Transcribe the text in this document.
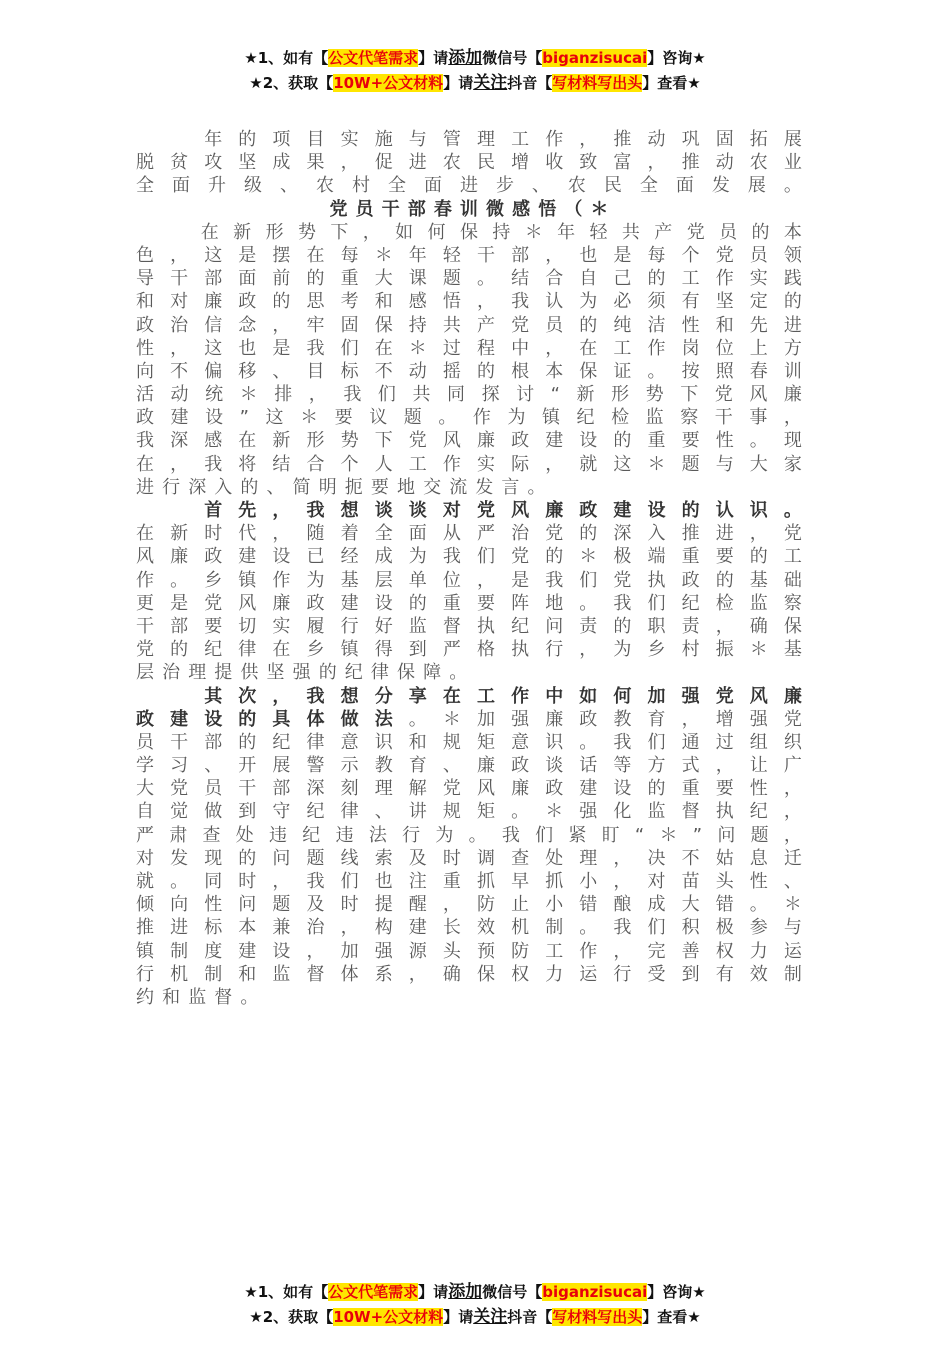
★1、如有【公文代笔需求】请添加微信号【biganzisucai】咨询★
★2、获取【10W+公文材料】请关注抖音【写材料写出头】查看★
　　年的项目实施与管理工作，推动巩固拓展
脱贫攻坚成果，促进农民增收致富，推动农业
全面升级、农村全面进步、农民全面发展。
党员干部春训微感悟（＊
　　在新形势下，如何保持＊年轻共产党员的本
色，这是摆在每＊年轻干部，也是每个党员领
导干部面前的重大课题。结合自己的工作实践
和对廉政的思考和感悟，我认为必须有坚定的
政治信念，牢固保持共产党员的纯洁性和先进
性，这也是我们在＊过程中，在工作岗位上方
向不偏移、目标不动摇的根本保证。按照春训
活动统＊排，我们共同探讨“新形势下党风廉
政建设”这＊要议题。作为镇纪检监察干事，
我深感在新形势下党风廉政建设的重要性。现
在，我将结合个人工作实际，就这＊题与大家
进行深入的、简明扼要地交流发言。
　　首先，我想谈谈对党风廉政建设的认识。
在新时代，随着全面从严治党的深入推进，党
风廉政建设已经成为我们党的＊极端重要的工
作。乡镇作为基层单位，是我们党执政的基础
更是党风廉政建设的重要阵地。我们纪检监察
干部要切实履行好监督执纪问责的职责，确保
党的纪律在乡镇得到严格执行，为乡村振＊基
层治理提供坚强的纪律保障。
　　其次，我想分享在工作中如何加强党风廉
政建设的具体做法。＊加强廉政教育，增强党
员干部的纪律意识和规矩意识。我们通过组织
学习、开展警示教育、廉政谈话等方式，让广
大党员干部深刻理解党风廉政建设的重要性，
自觉做到守纪律、讲规矩。＊强化监督执纪，
严肃查处违纪违法行为。我们紧盯“＊”问题，
对发现的问题线索及时调查处理，决不姑息迁
就。同时，我们也注重抓早抓小，对苗头性、
倾向性问题及时提醒，防止小错酿成大错。＊
推进标本兼治，构建长效机制。我们积极参与
镇制度建设，加强源头预防工作，完善权力运
行机制和监督体系，确保权力运行受到有效制
约和监督。
★1、如有【公文代笔需求】请添加微信号【biganzisucai】咨询★
★2、获取【10W+公文材料】请关注抖音【写材料写出头】查看★
